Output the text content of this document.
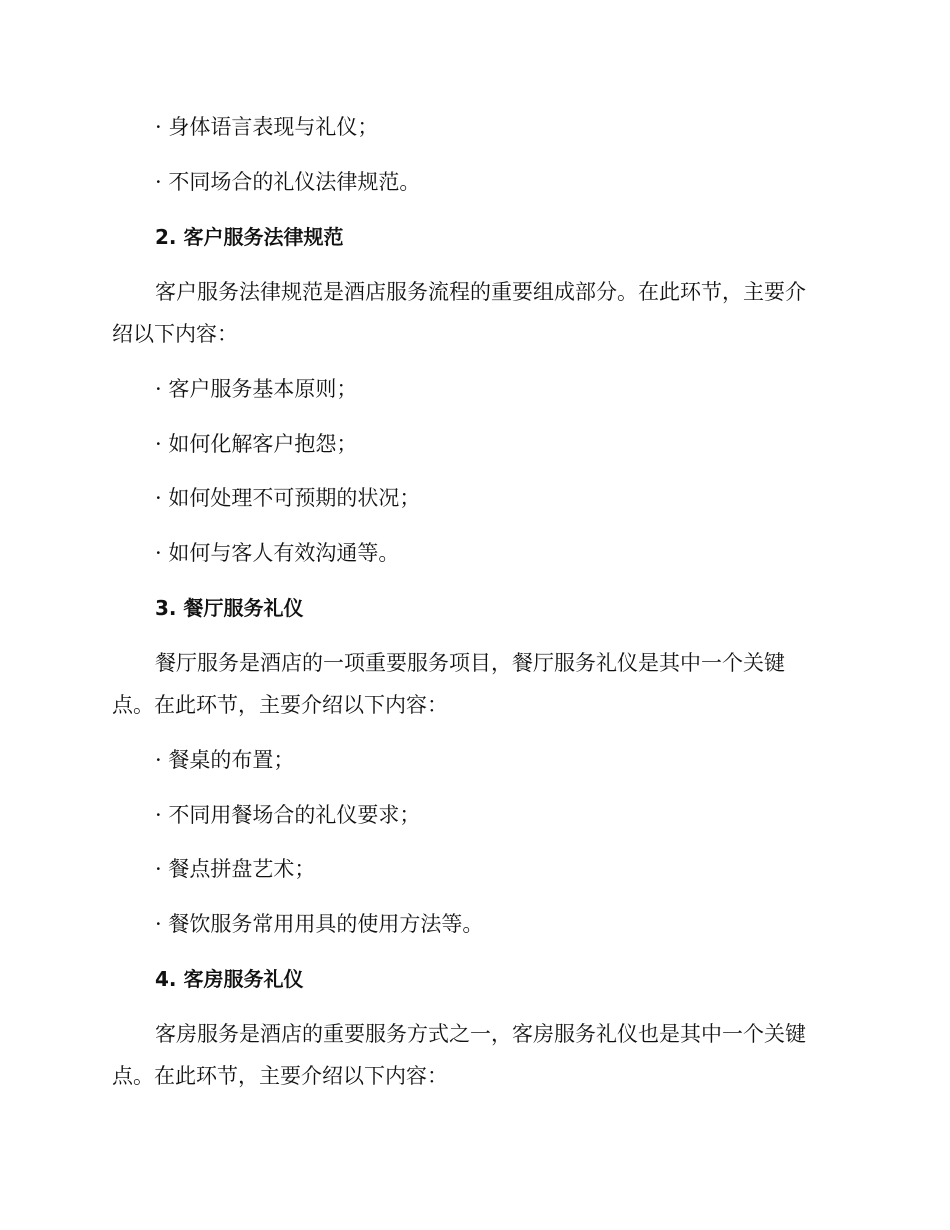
· 身体语言表现与礼仪；
· 不同场合的礼仪法律规范。
2. 客户服务法律规范
客户服务法律规范是酒店服务流程的重要组成部分。在此环节，主要介
绍以下内容：
· 客户服务基本原则；
· 如何化解客户抱怨；
· 如何处理不可预期的状况；
· 如何与客人有效沟通等。
3. 餐厅服务礼仪
餐厅服务是酒店的一项重要服务项目，餐厅服务礼仪是其中一个关键
点。在此环节，主要介绍以下内容：
· 餐桌的布置；
· 不同用餐场合的礼仪要求；
· 餐点拼盘艺术；
· 餐饮服务常用用具的使用方法等。
4. 客房服务礼仪
客房服务是酒店的重要服务方式之一，客房服务礼仪也是其中一个关键
点。在此环节，主要介绍以下内容：
